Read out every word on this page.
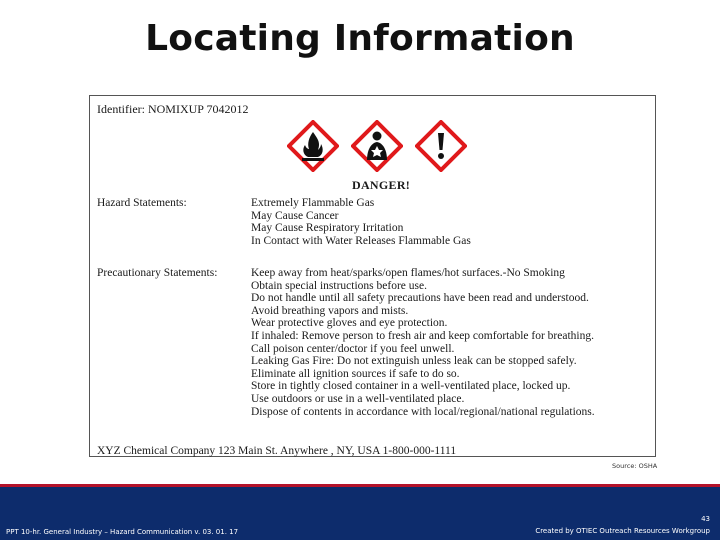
Locating Information
Identifier: NOMIXUP 7042012
DANGER!
Hazard Statements:	Extremely Flammable Gas
May Cause Cancer
May Cause Respiratory Irritation
In Contact with Water Releases Flammable Gas
Precautionary Statements:	Keep away from heat/sparks/open flames/hot surfaces.-No Smoking
Obtain special instructions before use.
Do not handle until all safety precautions have been read and understood.
Avoid breathing vapors and mists.
Wear protective gloves and eye protection.
If inhaled: Remove person to fresh air and keep comfortable for breathing.
Call poison center/doctor if you feel unwell.
Leaking Gas Fire: Do not extinguish unless leak can be stopped safely.
Eliminate all ignition sources if safe to do so.
Store in tightly closed container in a well-ventilated place, locked up.
Use outdoors or use in a well-ventilated place.
Dispose of contents in accordance with local/regional/national regulations.
XYZ Chemical Company 123 Main St. Anywhere , NY, USA 1-800-000-1111
Source: OSHA
PPT 10-hr. General Industry – Hazard Communication v. 03. 01. 17
43
Created by OTIEC Outreach Resources Workgroup
